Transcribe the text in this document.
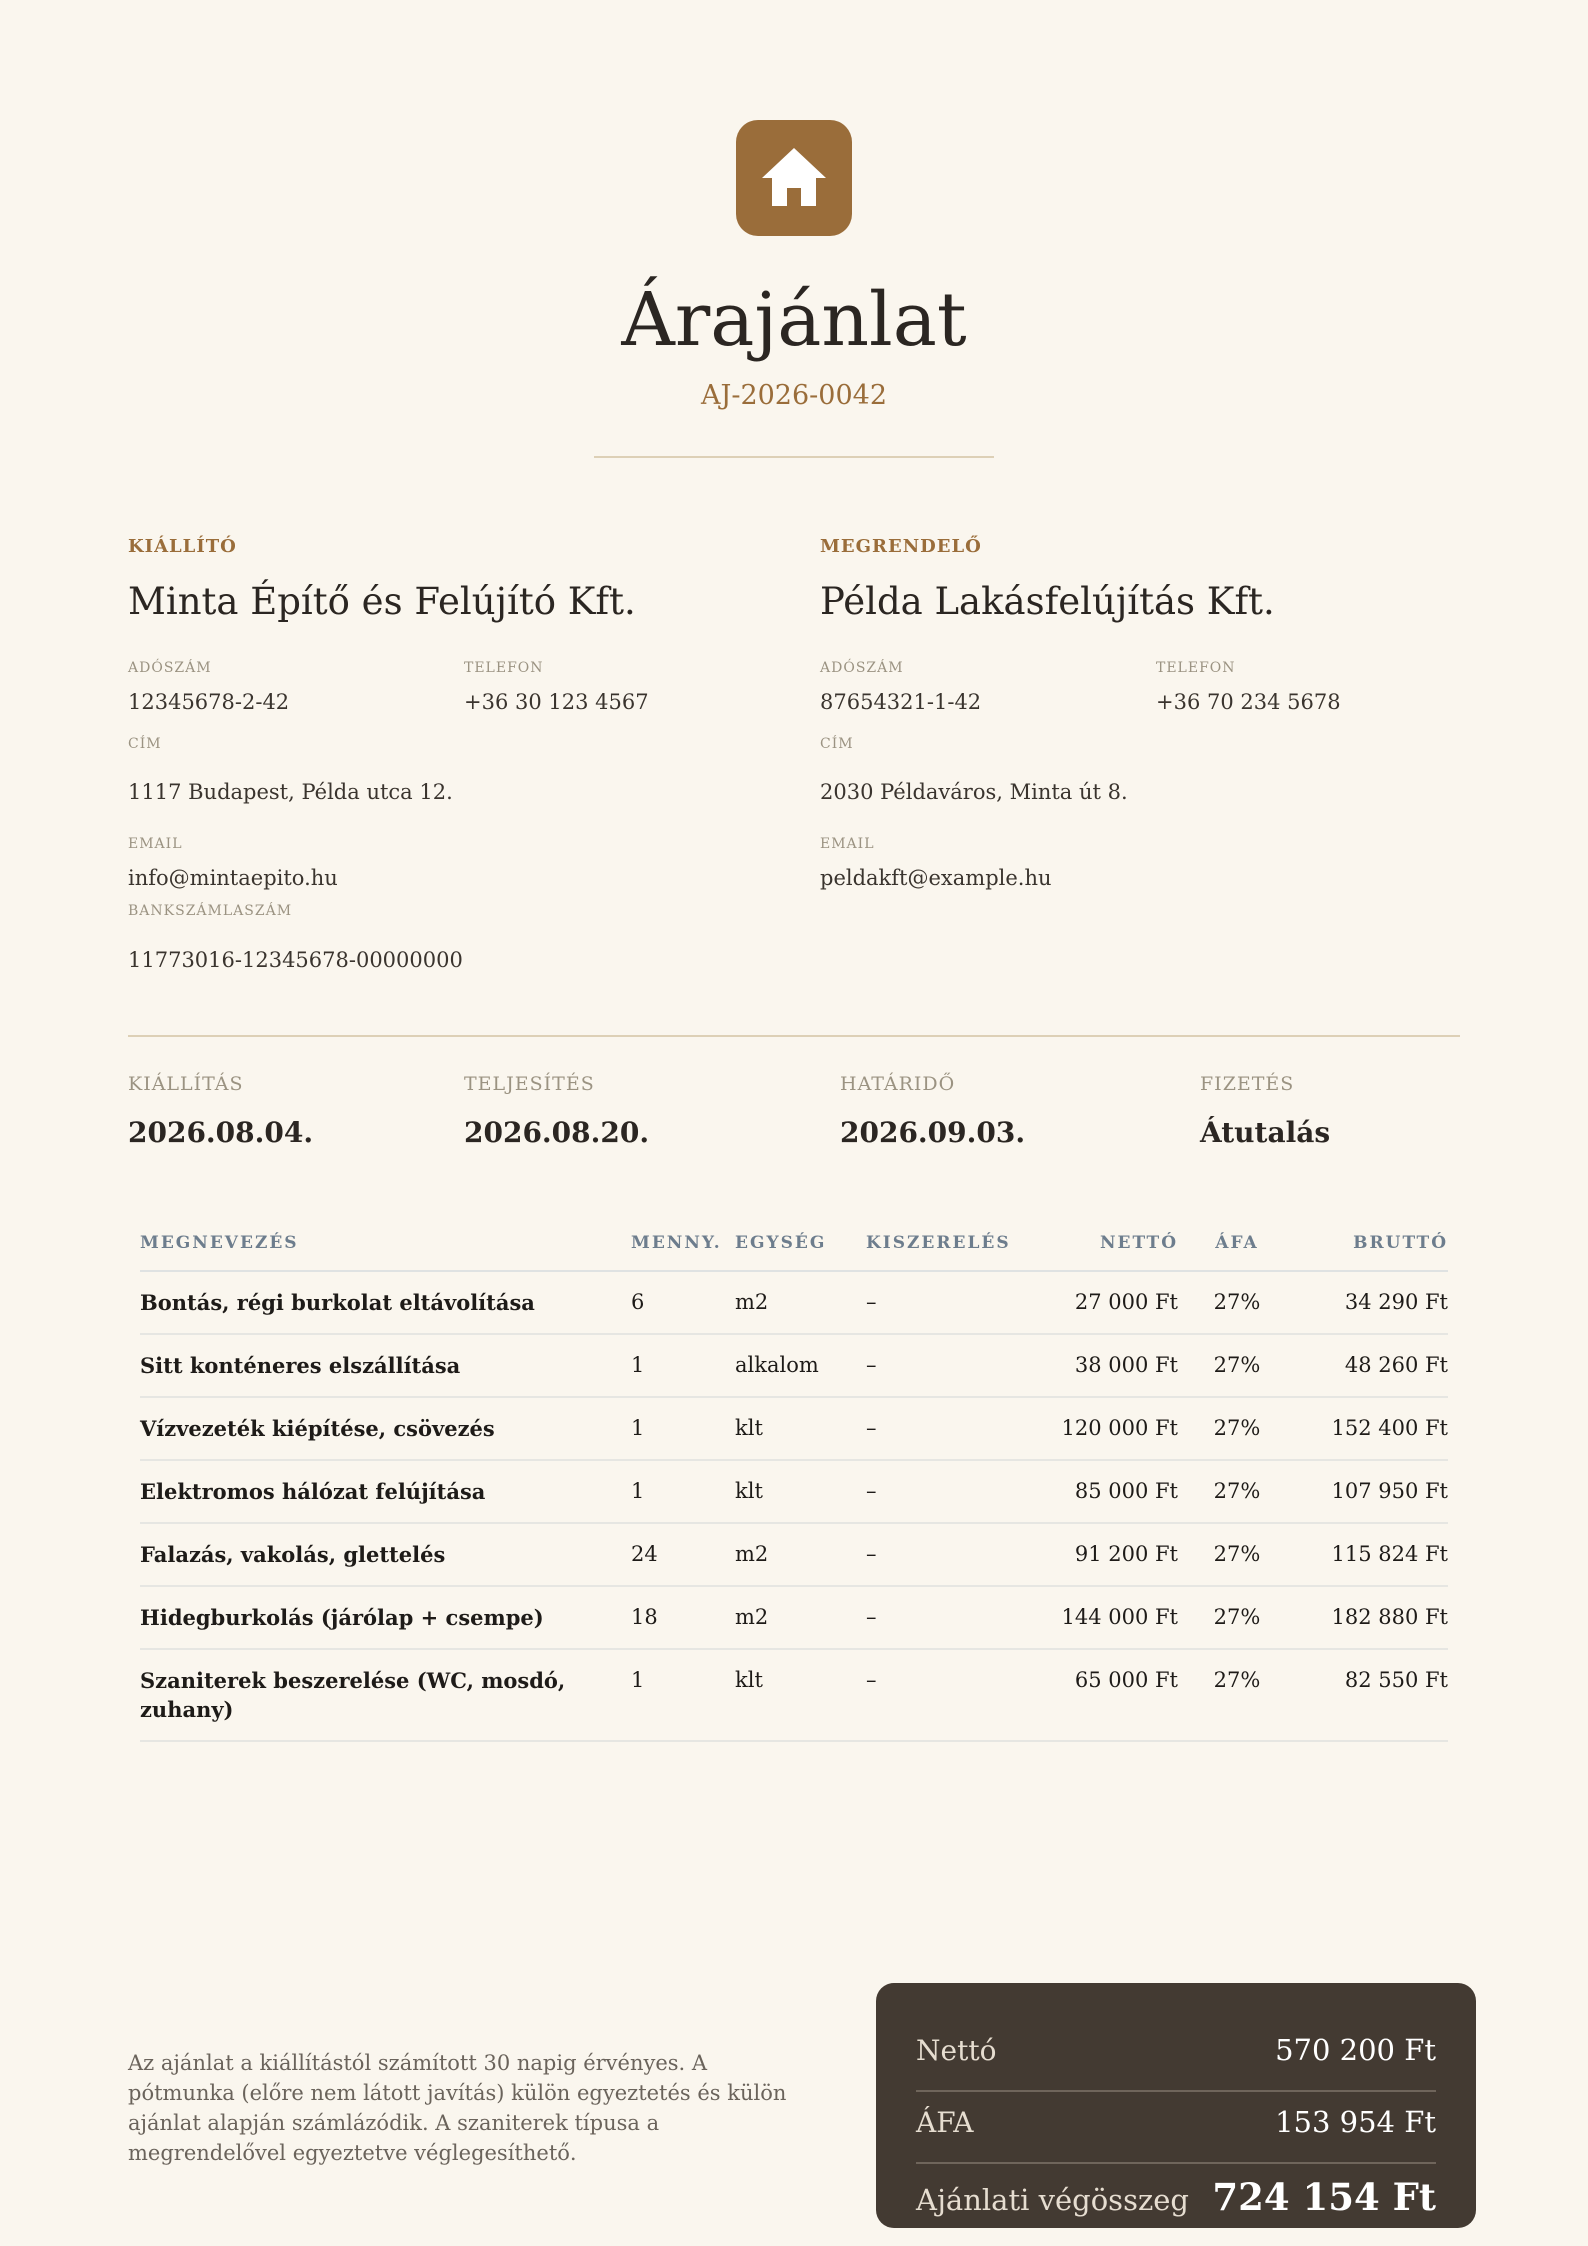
Árajánlat
AJ-2026-0042
KIÁLLÍTÓ
Minta Építő és Felújító Kft.
ADÓSZÁM
12345678-2-42
TELEFON
+36 30 123 4567
CÍM
1117 Budapest, Példa utca 12.
EMAIL
info@mintaepito.hu
BANKSZÁMLASZÁM
11773016-12345678-00000000
MEGRENDELŐ
Példa Lakásfelújítás Kft.
ADÓSZÁM
87654321-1-42
TELEFON
+36 70 234 5678
CÍM
2030 Példaváros, Minta út 8.
EMAIL
peldakft@example.hu
KIÁLLÍTÁS
2026.08.04.
TELJESÍTÉS
2026.08.20.
HATÁRIDŐ
2026.09.03.
FIZETÉS
Átutalás
MEGNEVEZÉS	MENNY.	EGYSÉG	KISZERELÉS	NETTÓ	ÁFA	BRUTTÓ
Bontás, régi burkolat eltávolítása	6	m2	–	27 000 Ft	27%	34 290 Ft
Sitt konténeres elszállítása	1	alkalom	–	38 000 Ft	27%	48 260 Ft
Vízvezeték kiépítése, csövezés	1	klt	–	120 000 Ft	27%	152 400 Ft
Elektromos hálózat felújítása	1	klt	–	85 000 Ft	27%	107 950 Ft
Falazás, vakolás, glettelés	24	m2	–	91 200 Ft	27%	115 824 Ft
Hidegburkolás (járólap + csempe)	18	m2	–	144 000 Ft	27%	182 880 Ft
Szaniterek beszerelése (WC, mosdó, zuhany)	1	klt	–	65 000 Ft	27%	82 550 Ft
Az ajánlat a kiállítástól számított 30 napig érvényes. A pótmunka (előre nem látott javítás) külön egyeztetés és külön ajánlat alapján számlázódik. A szaniterek típusa a megrendelővel egyeztetve véglegesíthető.
Nettó	570 200 Ft
ÁFA	153 954 Ft
Ajánlati végösszeg 724 154 Ft
